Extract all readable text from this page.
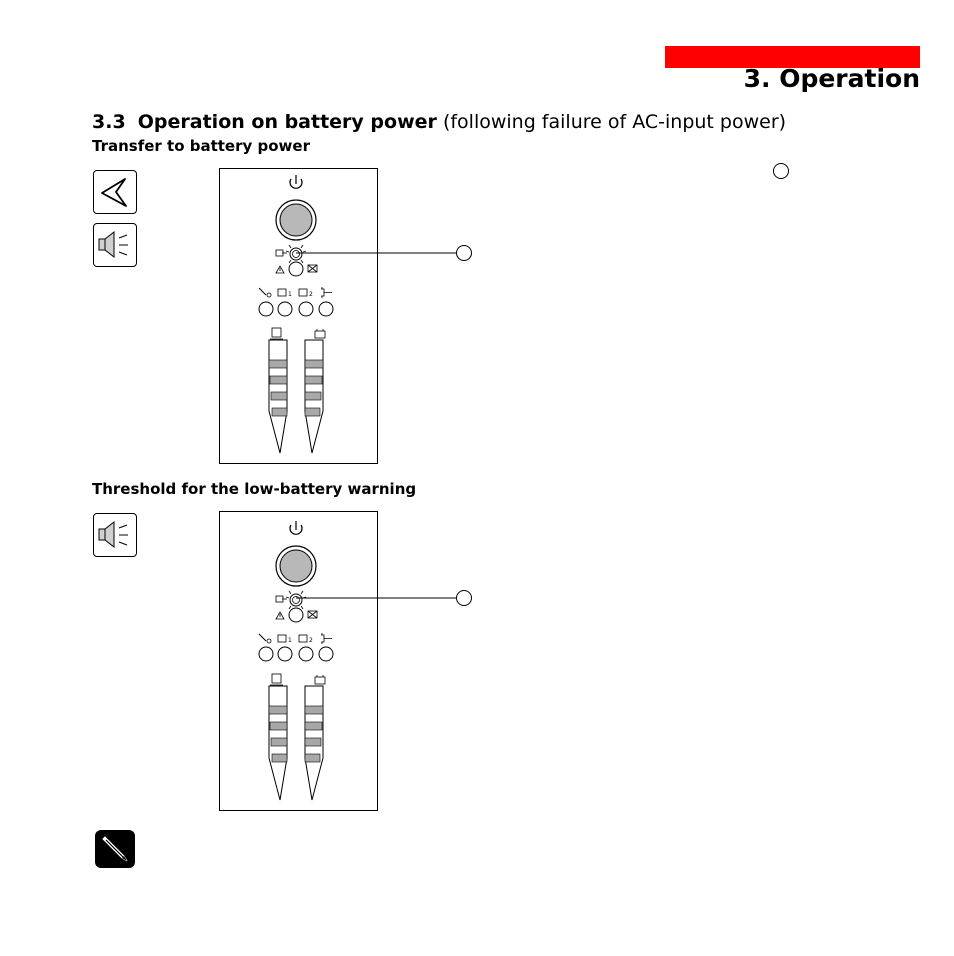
3. Operation
3.3 Operation on battery power (following failure of AC-input power)
Transfer to battery power
Threshold for the low-battery warning
1	2
1	2
